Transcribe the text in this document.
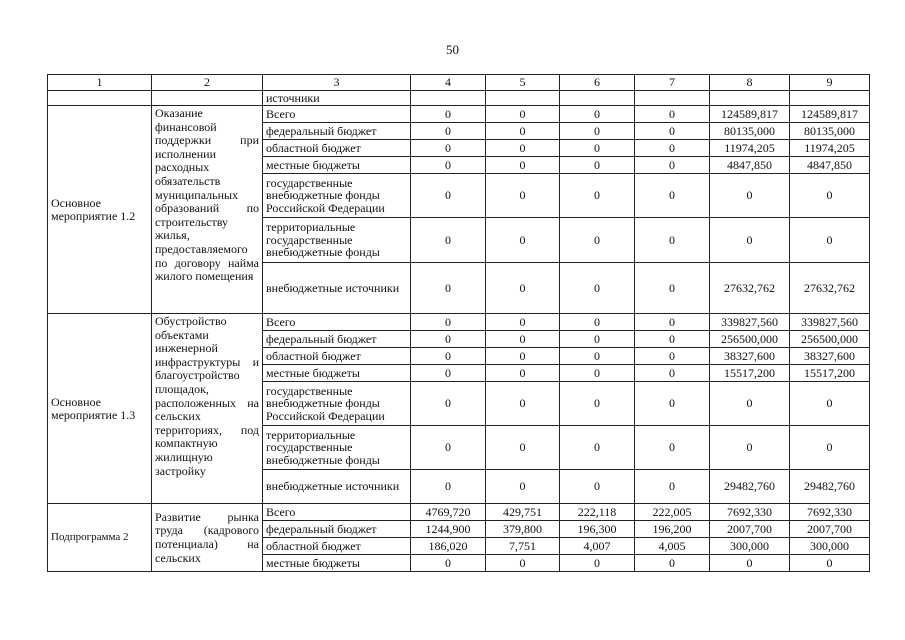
50
1	2	3	4	5	6	7	8	9
		источники						
Основное мероприятие 1.2	Оказание финансовой поддержки при исполнении расходных обязательств муниципальных образований по строительству жилья, предоставляемого по договору найма жилого помещения	Всего	0	0	0	0	124589,817	124589,817
		федеральный бюджет	0	0	0	0	80135,000	80135,000
		областной бюджет	0	0	0	0	11974,205	11974,205
		местные бюджеты	0	0	0	0	4847,850	4847,850
		государственные внебюджетные фонды Российской Федерации	0	0	0	0	0	0
		территориальные государственные внебюджетные фонды	0	0	0	0	0	0
		внебюджетные источники	0	0	0	0	27632,762	27632,762
Основное мероприятие 1.3	Обустройство объектами инженерной инфраструктуры и благоустройство площадок, расположенных на сельских территориях, под компактную жилищную застройку	Всего	0	0	0	0	339827,560	339827,560
		федеральный бюджет	0	0	0	0	256500,000	256500,000
		областной бюджет	0	0	0	0	38327,600	38327,600
		местные бюджеты	0	0	0	0	15517,200	15517,200
		государственные внебюджетные фонды Российской Федерации	0	0	0	0	0	0
		территориальные государственные внебюджетные фонды	0	0	0	0	0	0
		внебюджетные источники	0	0	0	0	29482,760	29482,760
Подпрограмма 2	Развитие рынка труда (кадрового потенциала) на сельских	Всего	4769,720	429,751	222,118	222,005	7692,330	7692,330
		федеральный бюджет	1244,900	379,800	196,300	196,200	2007,700	2007,700
		областной бюджет	186,020	7,751	4,007	4,005	300,000	300,000
		местные бюджеты	0	0	0	0	0	0
